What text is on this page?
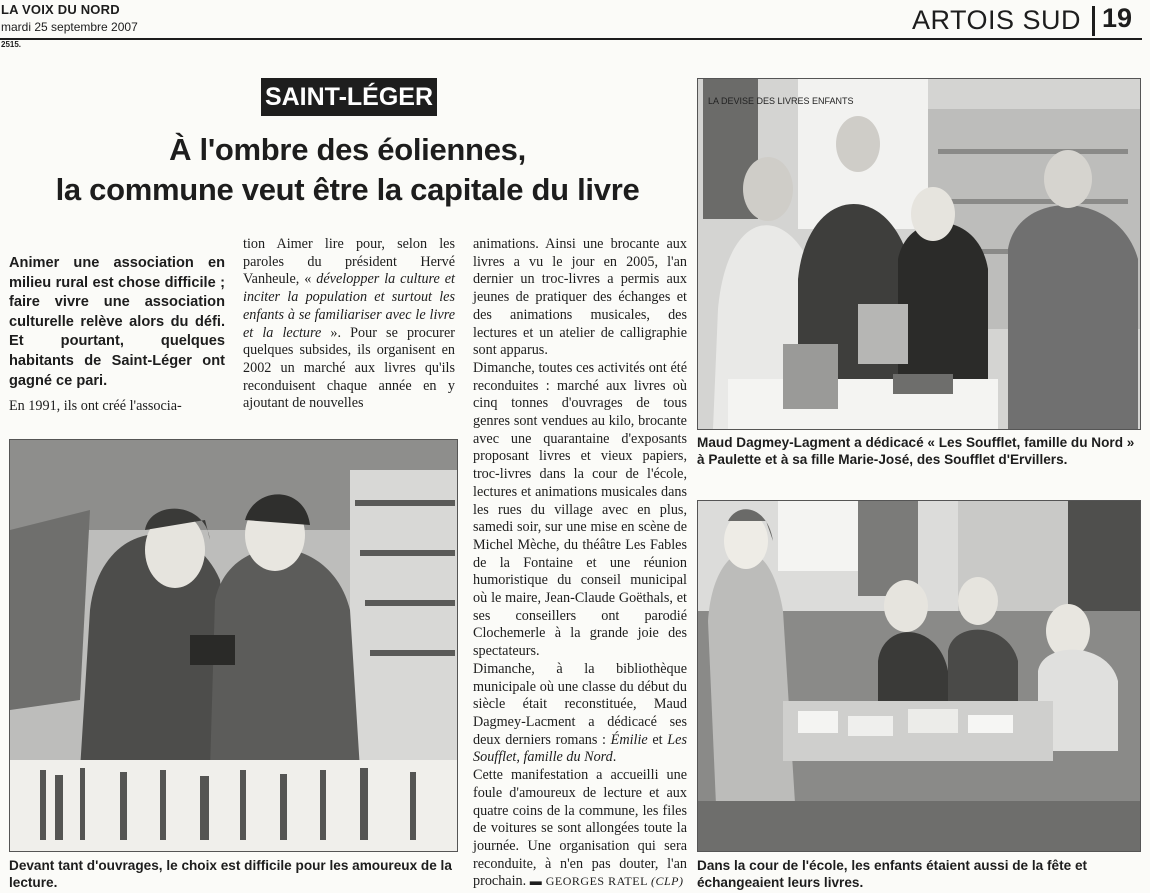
LA VOIX DU NORD
mardi 25 septembre 2007
2515.
ARTOIS SUD 19
SAINT-LÉGER
À l'ombre des éoliennes,
la commune veut être la capitale du livre
Animer une association en milieu rural est chose difficile ; faire vivre une association culturelle relève alors du défi. Et pourtant, quelques habitants de Saint-Léger ont gagné ce pari.

En 1991, ils ont créé l'associa-

tion Aimer lire pour, selon les paroles du président Hervé Vanheule, « développer la culture et inciter la population et surtout les enfants à se familiariser avec le livre et la lecture ». Pour se procurer quelques subsides, ils organisent en 2002 un marché aux livres qu'ils reconduisent chaque année en y ajoutant de nouvelles

animations. Ainsi une brocante aux livres a vu le jour en 2005, l'an dernier un troc-livres a permis aux jeunes de pratiquer des échanges et des animations musicales, des lectures et un atelier de calligraphie sont apparus.

Dimanche, toutes ces activités ont été reconduites : marché aux livres où cinq tonnes d'ouvrages de tous genres sont vendues au kilo, brocante avec une quarantaine d'exposants proposant livres et vieux papiers, troc-livres dans la cour de l'école, lectures et animations musicales dans les rues du village avec en plus, samedi soir, sur une mise en scène de Michel Mèche, du théâtre Les Fables de la Fontaine et une réunion humoristique du conseil municipal où le maire, Jean-Claude Goëthals, et ses conseillers ont parodié Clochemerle à la grande joie des spectateurs.

Dimanche, à la bibliothèque municipale où une classe du début du siècle était reconstituée, Maud Dagmey-Lacment a dédicacé ses deux derniers romans : Émilie et Les Soufflet, famille du Nord.

Cette manifestation a accueilli une foule d'amoureux de lecture et aux quatre coins de la commune, les files de voitures se sont allongées toute la journée. Une organisation qui sera reconduite, à n'en pas douter, l'an prochain. ▬ GEORGES RATEL (CLP)

LA DEVISE DES LIVRES ENFANTS
Devant tant d'ouvrages, le choix est difficile pour les amoureux de la lecture.
Maud Dagmey-Lagment a dédicacé « Les Soufflet, famille du Nord » à Paulette et à sa fille Marie-José, des Soufflet d'Ervillers.
Dans la cour de l'école, les enfants étaient aussi de la fête et échangeaient leurs livres.
